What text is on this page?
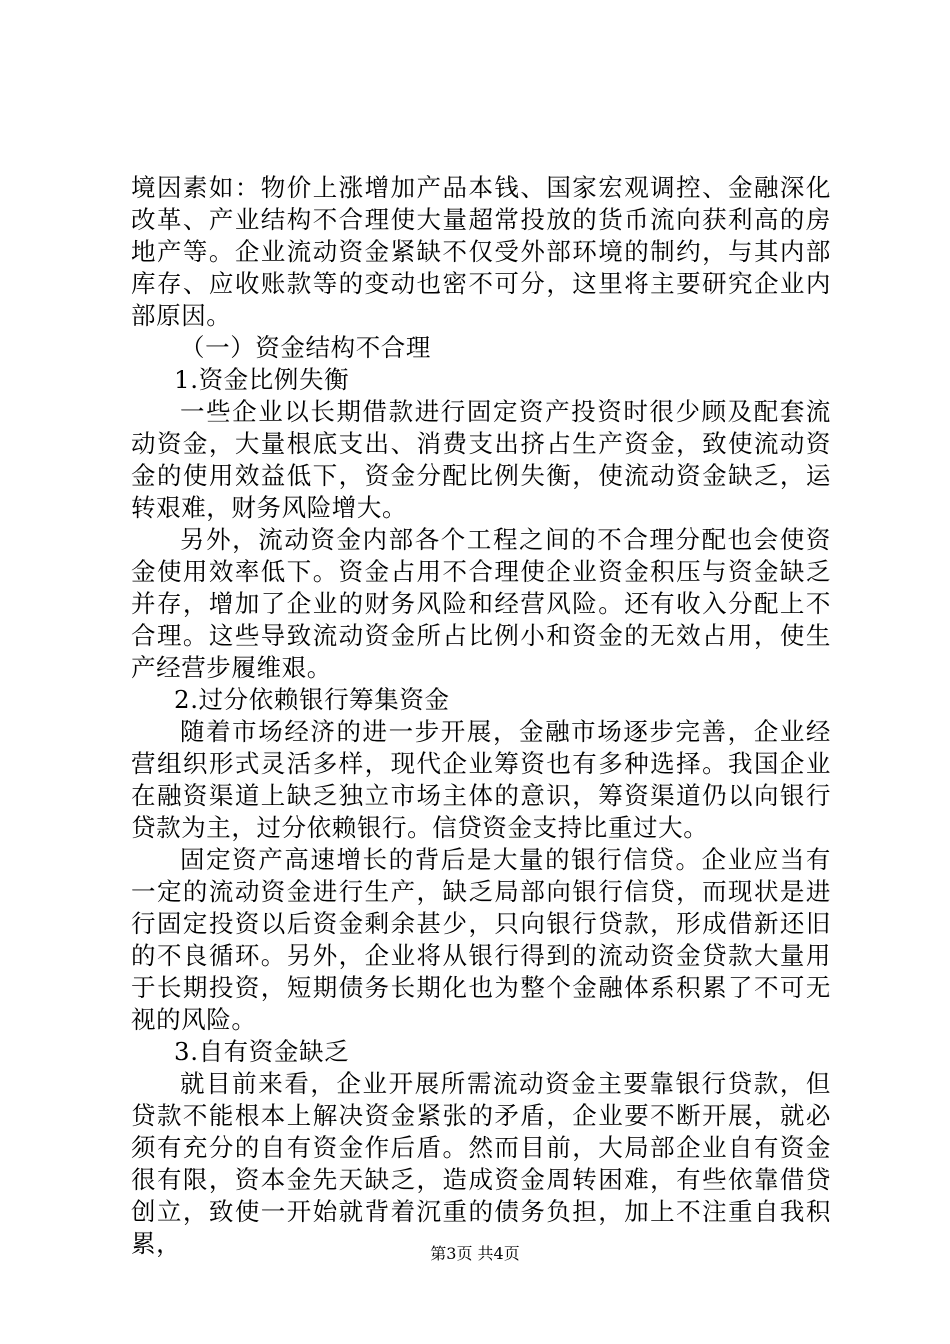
境因素如：物价上涨增加产品本钱、国家宏观调控、金融深化改革、产业结构不合理使大量超常投放的货币流向获利高的房地产等。企业流动资金紧缺不仅受外部环境的制约，与其内部库存、应收账款等的变动也密不可分，这里将主要研究企业内部原因。

（一）资金结构不合理

1.资金比例失衡

一些企业以长期借款进行固定资产投资时很少顾及配套流动资金，大量根底支出、消费支出挤占生产资金，致使流动资金的使用效益低下，资金分配比例失衡，使流动资金缺乏，运转艰难，财务风险增大。

另外，流动资金内部各个工程之间的不合理分配也会使资金使用效率低下。资金占用不合理使企业资金积压与资金缺乏并存，增加了企业的财务风险和经营风险。还有收入分配上不合理。这些导致流动资金所占比例小和资金的无效占用，使生产经营步履维艰。

2.过分依赖银行筹集资金

随着市场经济的进一步开展，金融市场逐步完善，企业经营组织形式灵活多样，现代企业筹资也有多种选择。我国企业在融资渠道上缺乏独立市场主体的意识，筹资渠道仍以向银行贷款为主，过分依赖银行。信贷资金支持比重过大。

固定资产高速增长的背后是大量的银行信贷。企业应当有一定的流动资金进行生产，缺乏局部向银行信贷，而现状是进行固定投资以后资金剩余甚少，只向银行贷款，形成借新还旧的不良循环。另外，企业将从银行得到的流动资金贷款大量用于长期投资，短期债务长期化也为整个金融体系积累了不可无视的风险。

3.自有资金缺乏

就目前来看，企业开展所需流动资金主要靠银行贷款，但贷款不能根本上解决资金紧张的矛盾，企业要不断开展，就必须有充分的自有资金作后盾。然而目前，大局部企业自有资金很有限，资本金先天缺乏，造成资金周转困难，有些依靠借贷创立，致使一开始就背着沉重的债务负担，加上不注重自我积累，	第3页 共4页
